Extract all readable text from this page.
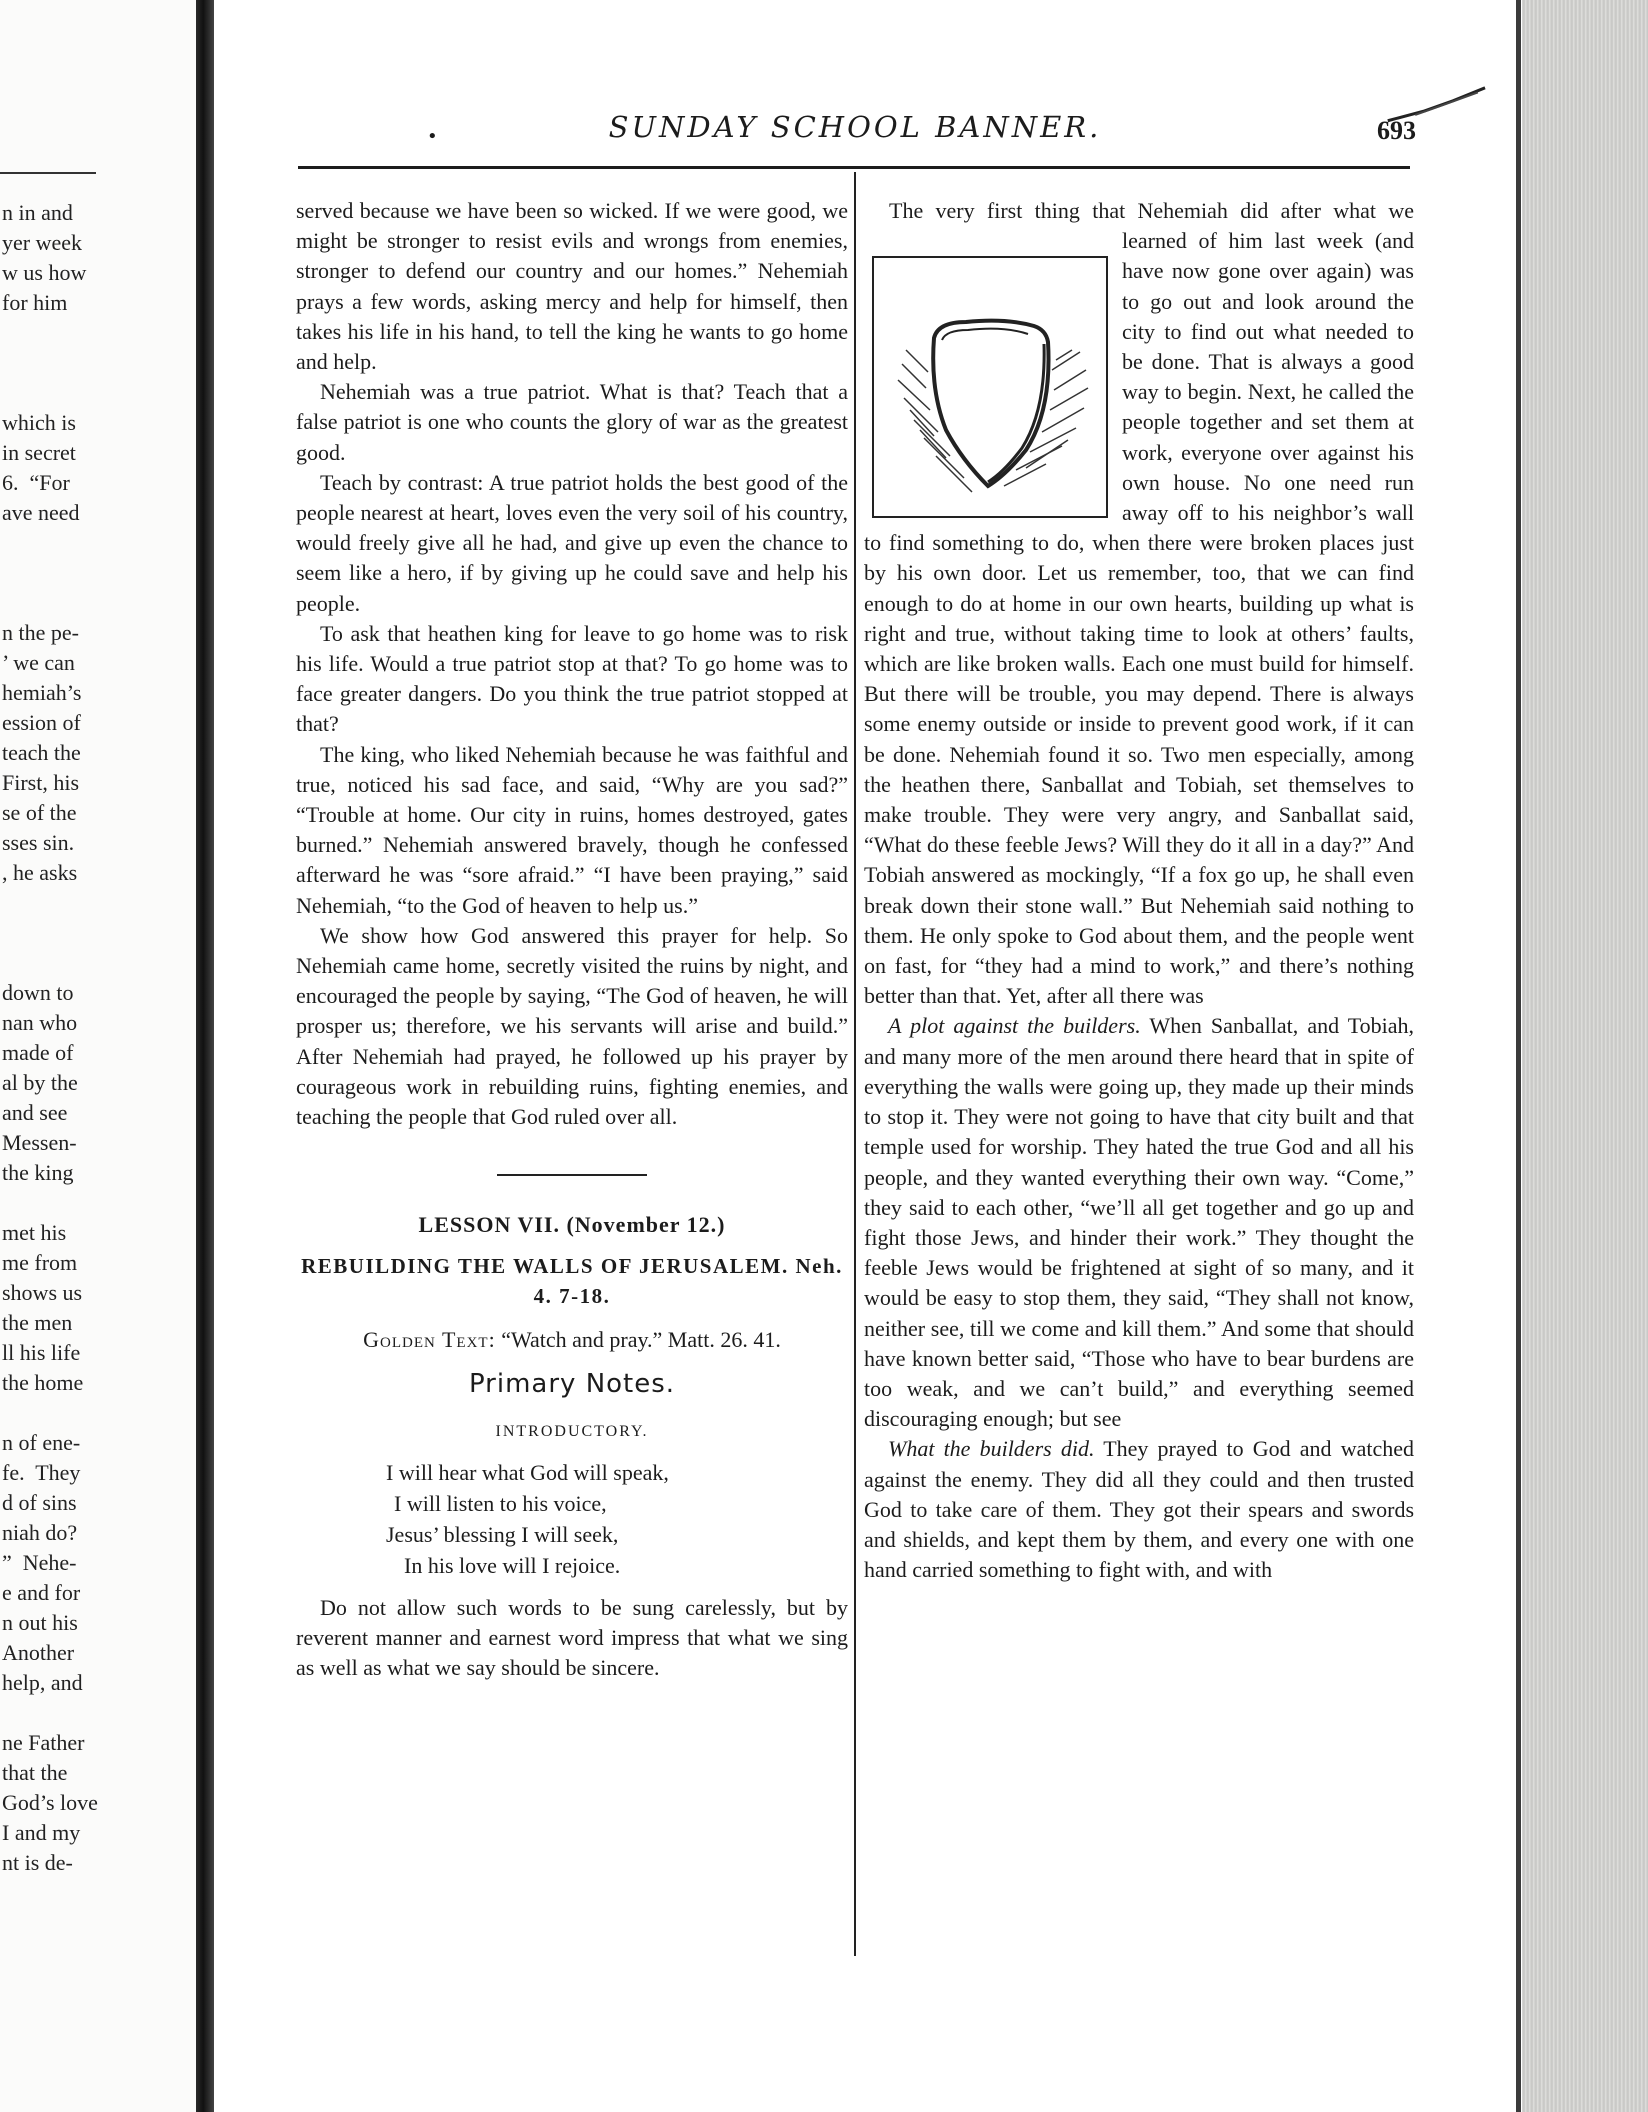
n in and
yer week
w us how
for him

which is
in secret
6.  “For
ave need

n the pe-
’ we can
hemiah’s
ession of
teach the
First, his
se of the
sses sin.
, he asks

down to
nan who
made of
al by the
and see
Messen-
the king

met his
me from
shows us
the men
ll his life
the home

n of ene-
fe.  They
d of sins
niah do?
”  Nehe-
e and for
n out his
Another
help, and

ne Father
that the
God’s love
I and my
nt is de-
•	SUNDAY SCHOOL BANNER.	693

served because we have been so wicked. If we were good, we might be stronger to resist evils and wrongs from enemies, stronger to defend our country and our homes.” Nehemiah prays a few words, asking mercy and help for himself, then takes his life in his hand, to tell the king he wants to go home and help.

Nehemiah was a true patriot. What is that? Teach that a false patriot is one who counts the glory of war as the greatest good.

Teach by contrast: A true patriot holds the best good of the people nearest at heart, loves even the very soil of his country, would freely give all he had, and give up even the chance to seem like a hero, if by giving up he could save and help his people.

To ask that heathen king for leave to go home was to risk his life. Would a true patriot stop at that? To go home was to face greater dangers. Do you think the true patriot stopped at that?

The king, who liked Nehemiah because he was faithful and true, noticed his sad face, and said, “Why are you sad?” “Trouble at home. Our city in ruins, homes destroyed, gates burned.” Nehemiah answered bravely, though he confessed afterward he was “sore afraid.” “I have been praying,” said Nehemiah, “to the God of heaven to help us.”

We show how God answered this prayer for help. So Nehemiah came home, secretly visited the ruins by night, and encouraged the people by saying, “The God of heaven, he will prosper us; therefore, we his servants will arise and build.” After Nehemiah had prayed, he followed up his prayer by courageous work in rebuilding ruins, fighting enemies, and teaching the people that God ruled over all.

LESSON VII. (November 12.)
REBUILDING THE WALLS OF JERUSALEM. Neh. 4. 7-18.
Golden Text: “Watch and pray.” Matt. 26. 41.
Primary Notes.
INTRODUCTORY.
I will hear what God will speak,
I will listen to his voice,
Jesus’ blessing I will seek,
In his love will I rejoice.

Do not allow such words to be sung carelessly, but by reverent manner and earnest word impress that what we sing as well as what we say should be sincere.

The very first thing that Nehemiah did after what we learned of him last week (and have now gone over again) was to go out and look around the city to find out what needed to be done. That is always a good way to begin. Next, he called the people together and set them at work, everyone over against his own house. No one need run away off to his neighbor’s wall to find something to do, when there were broken places just by his own door. Let us remember, too, that we can find enough to do at home in our own hearts, building up what is right and true, without taking time to look at others’ faults, which are like broken walls. Each one must build for himself. But there will be trouble, you may depend. There is always some enemy outside or inside to prevent good work, if it can be done. Nehemiah found it so. Two men especially, among the heathen there, Sanballat and Tobiah, set themselves to make trouble. They were very angry, and Sanballat said, “What do these feeble Jews? Will they do it all in a day?” And Tobiah answered as mockingly, “If a fox go up, he shall even break down their stone wall.” But Nehemiah said nothing to them. He only spoke to God about them, and the people went on fast, for “they had a mind to work,” and there’s nothing better than that. Yet, after all there was

A plot against the builders. When Sanballat, and Tobiah, and many more of the men around there heard that in spite of everything the walls were going up, they made up their minds to stop it. They were not going to have that city built and that temple used for worship. They hated the true God and all his people, and they wanted everything their own way. “Come,” they said to each other, “we’ll all get together and go up and fight those Jews, and hinder their work.” They thought the feeble Jews would be frightened at sight of so many, and it would be easy to stop them, they said, “They shall not know, neither see, till we come and kill them.” And some that should have known better said, “Those who have to bear burdens are too weak, and we can’t build,” and everything seemed discouraging enough; but see

What the builders did. They prayed to God and watched against the enemy. They did all they could and then trusted God to take care of them. They got their spears and swords and shields, and kept them by them, and every one with one hand carried something to fight with, and with
